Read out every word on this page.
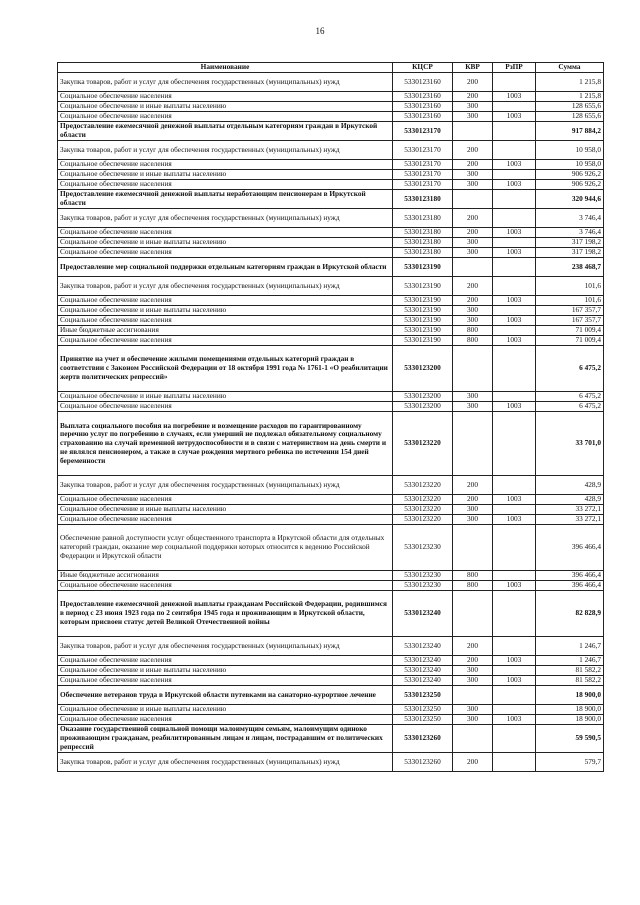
16
Наименование	КЦСР	КВР	РзПР	Сумма
Закупка товаров, работ и услуг для обеспечения государственных (муниципальных) нужд	5330123160	200		1 215,8
Социальное обеспечение населения	5330123160	200	1003	1 215,8
Социальное обеспечение и иные выплаты населению	5330123160	300		128 655,6
Социальное обеспечение населения	5330123160	300	1003	128 655,6
Предоставление ежемесячной денежной выплаты отдельным категориям граждан в Иркутской области	5330123170			917 884,2
Закупка товаров, работ и услуг для обеспечения государственных (муниципальных) нужд	5330123170	200		10 958,0
Социальное обеспечение населения	5330123170	200	1003	10 958,0
Социальное обеспечение и иные выплаты населению	5330123170	300		906 926,2
Социальное обеспечение населения	5330123170	300	1003	906 926,2
Предоставление ежемесячной денежной выплаты неработающим пенсионерам в Иркутской области	5330123180			320 944,6
Закупка товаров, работ и услуг для обеспечения государственных (муниципальных) нужд	5330123180	200		3 746,4
Социальное обеспечение населения	5330123180	200	1003	3 746,4
Социальное обеспечение и иные выплаты населению	5330123180	300		317 198,2
Социальное обеспечение населения	5330123180	300	1003	317 198,2
Предоставление мер социальной поддержки отдельным категориям граждан в Иркутской области	5330123190			238 468,7
Закупка товаров, работ и услуг для обеспечения государственных (муниципальных) нужд	5330123190	200		101,6
Социальное обеспечение населения	5330123190	200	1003	101,6
Социальное обеспечение и иные выплаты населению	5330123190	300		167 357,7
Социальное обеспечение населения	5330123190	300	1003	167 357,7
Иные бюджетные ассигнования	5330123190	800		71 009,4
Социальное обеспечение населения	5330123190	800	1003	71 009,4
Принятие на учет и обеспечение жилыми помещениями отдельных категорий граждан в соответствии с Законом Российской Федерации от 18 октября 1991 года № 1761-1 «О реабилитации жертв политических репрессий»	5330123200			6 475,2
Социальное обеспечение и иные выплаты населению	5330123200	300		6 475,2
Социальное обеспечение населения	5330123200	300	1003	6 475,2
Выплата социального пособия на погребение и возмещение расходов по гарантированному перечню услуг по погребению в случаях, если умерший не подлежал обязательному социальному страхованию на случай временной нетрудоспособности и в связи с материнством на день смерти и не являлся пенсионером, а также в случае рождения мертвого ребенка по истечении 154 дней беременности	5330123220			33 701,0
Закупка товаров, работ и услуг для обеспечения государственных (муниципальных) нужд	5330123220	200		428,9
Социальное обеспечение населения	5330123220	200	1003	428,9
Социальное обеспечение и иные выплаты населению	5330123220	300		33 272,1
Социальное обеспечение населения	5330123220	300	1003	33 272,1
Обеспечение равной доступности услуг общественного транспорта в Иркутской области для отдельных категорий граждан, оказание мер социальной поддержки которых относится к ведению Российской Федерации и Иркутской области	5330123230			396 466,4
Иные бюджетные ассигнования	5330123230	800		396 466,4
Социальное обеспечение населения	5330123230	800	1003	396 466,4
Предоставление ежемесячной денежной выплаты гражданам Российской Федерации, родившимся в период с 23 июня 1923 года по 2 сентября 1945 года и проживающим в Иркутской области, которым присвоен статус детей Великой Отечественной войны	5330123240			82 828,9
Закупка товаров, работ и услуг для обеспечения государственных (муниципальных) нужд	5330123240	200		1 246,7
Социальное обеспечение населения	5330123240	200	1003	1 246,7
Социальное обеспечение и иные выплаты населению	5330123240	300		81 582,2
Социальное обеспечение населения	5330123240	300	1003	81 582,2
Обеспечение ветеранов труда в Иркутской области путевками на санаторно-курортное лечение	5330123250			18 900,0
Социальное обеспечение и иные выплаты населению	5330123250	300		18 900,0
Социальное обеспечение населения	5330123250	300	1003	18 900,0
Оказание государственной социальной помощи малоимущим семьям, малоимущим одиноко проживающим гражданам, реабилитированным лицам и лицам, пострадавшим от политических репрессий	5330123260			59 590,5
Закупка товаров, работ и услуг для обеспечения государственных (муниципальных) нужд	5330123260	200		579,7
